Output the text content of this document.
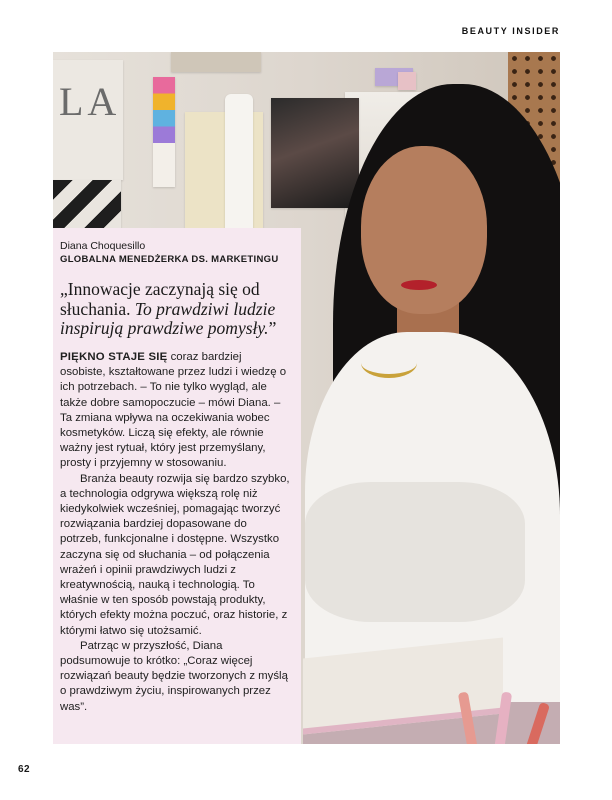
BEAUTY INSIDER
LA
Diana Choquesillo
GLOBALNA MENEDŻERKA DS. MARKETINGU
„Innowacje zaczynają się od słuchania. To prawdziwi ludzie inspirują prawdziwe pomysły.”

PIĘKNO STAJE SIĘ coraz bardziej osobiste, kształtowane przez ludzi i wiedzę o ich potrzebach. – To nie tylko wygląd, ale także dobre samopoczucie – mówi Diana. – Ta zmiana wpływa na oczekiwania wobec kosmetyków. Liczą się efekty, ale równie ważny jest rytuał, który jest przemyślany, prosty i przyjemny w stosowaniu.

Branża beauty rozwija się bardzo szybko, a technologia odgrywa większą rolę niż kiedykolwiek wcześniej, pomagając tworzyć rozwiązania bardziej dopasowane do potrzeb, funkcjonalne i dostępne. Wszystko zaczyna się od słuchania – od połączenia wrażeń i opinii prawdziwych ludzi z kreatywnością, nauką i technologią. To właśnie w ten sposób powstają produkty, których efekty można poczuć, oraz historie, z którymi łatwo się utożsamić.

Patrząc w przyszłość, Diana podsumowuje to krótko: „Coraz więcej rozwiązań beauty będzie tworzonych z myślą o prawdziwym życiu, inspirowanych przez was”.

62
